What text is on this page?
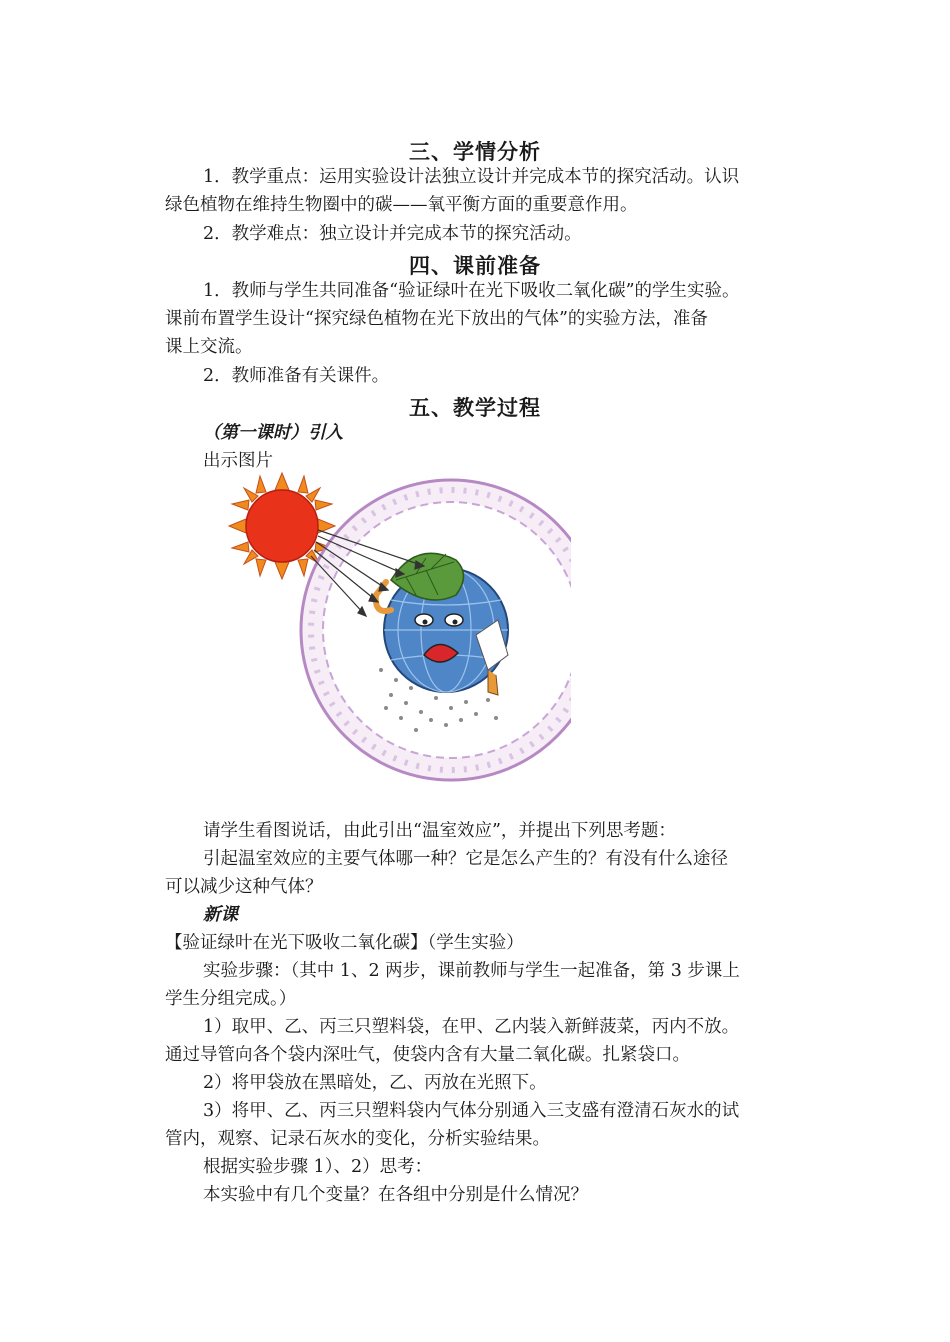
三、学情分析
1．教学重点：运用实验设计法独立设计并完成本节的探究活动。认识
绿色植物在维持生物圈中的碳——氧平衡方面的重要意作用。
2．教学难点：独立设计并完成本节的探究活动。
四、课前准备
1．教师与学生共同准备“验证绿叶在光下吸收二氧化碳”的学生实验。
课前布置学生设计“探究绿色植物在光下放出的气体”的实验方法，准备
课上交流。
2．教师准备有关课件。
五、教学过程
（第一课时）引入
出示图片
请学生看图说话，由此引出“温室效应”，并提出下列思考题：
引起温室效应的主要气体哪一种？它是怎么产生的？有没有什么途径
可以减少这种气体？
新课
【验证绿叶在光下吸收二氧化碳】（学生实验）
实验步骤：（其中 1、2 两步，课前教师与学生一起准备，第 3 步课上
学生分组完成。）
1）取甲、乙、丙三只塑料袋，在甲、乙内装入新鲜菠菜，丙内不放。
通过导管向各个袋内深吐气，使袋内含有大量二氧化碳。扎紧袋口。
2）将甲袋放在黑暗处，乙、丙放在光照下。
3）将甲、乙、丙三只塑料袋内气体分别通入三支盛有澄清石灰水的试
管内，观察、记录石灰水的变化，分析实验结果。
根据实验步骤 1）、2）思考：
本实验中有几个变量？在各组中分别是什么情况？
